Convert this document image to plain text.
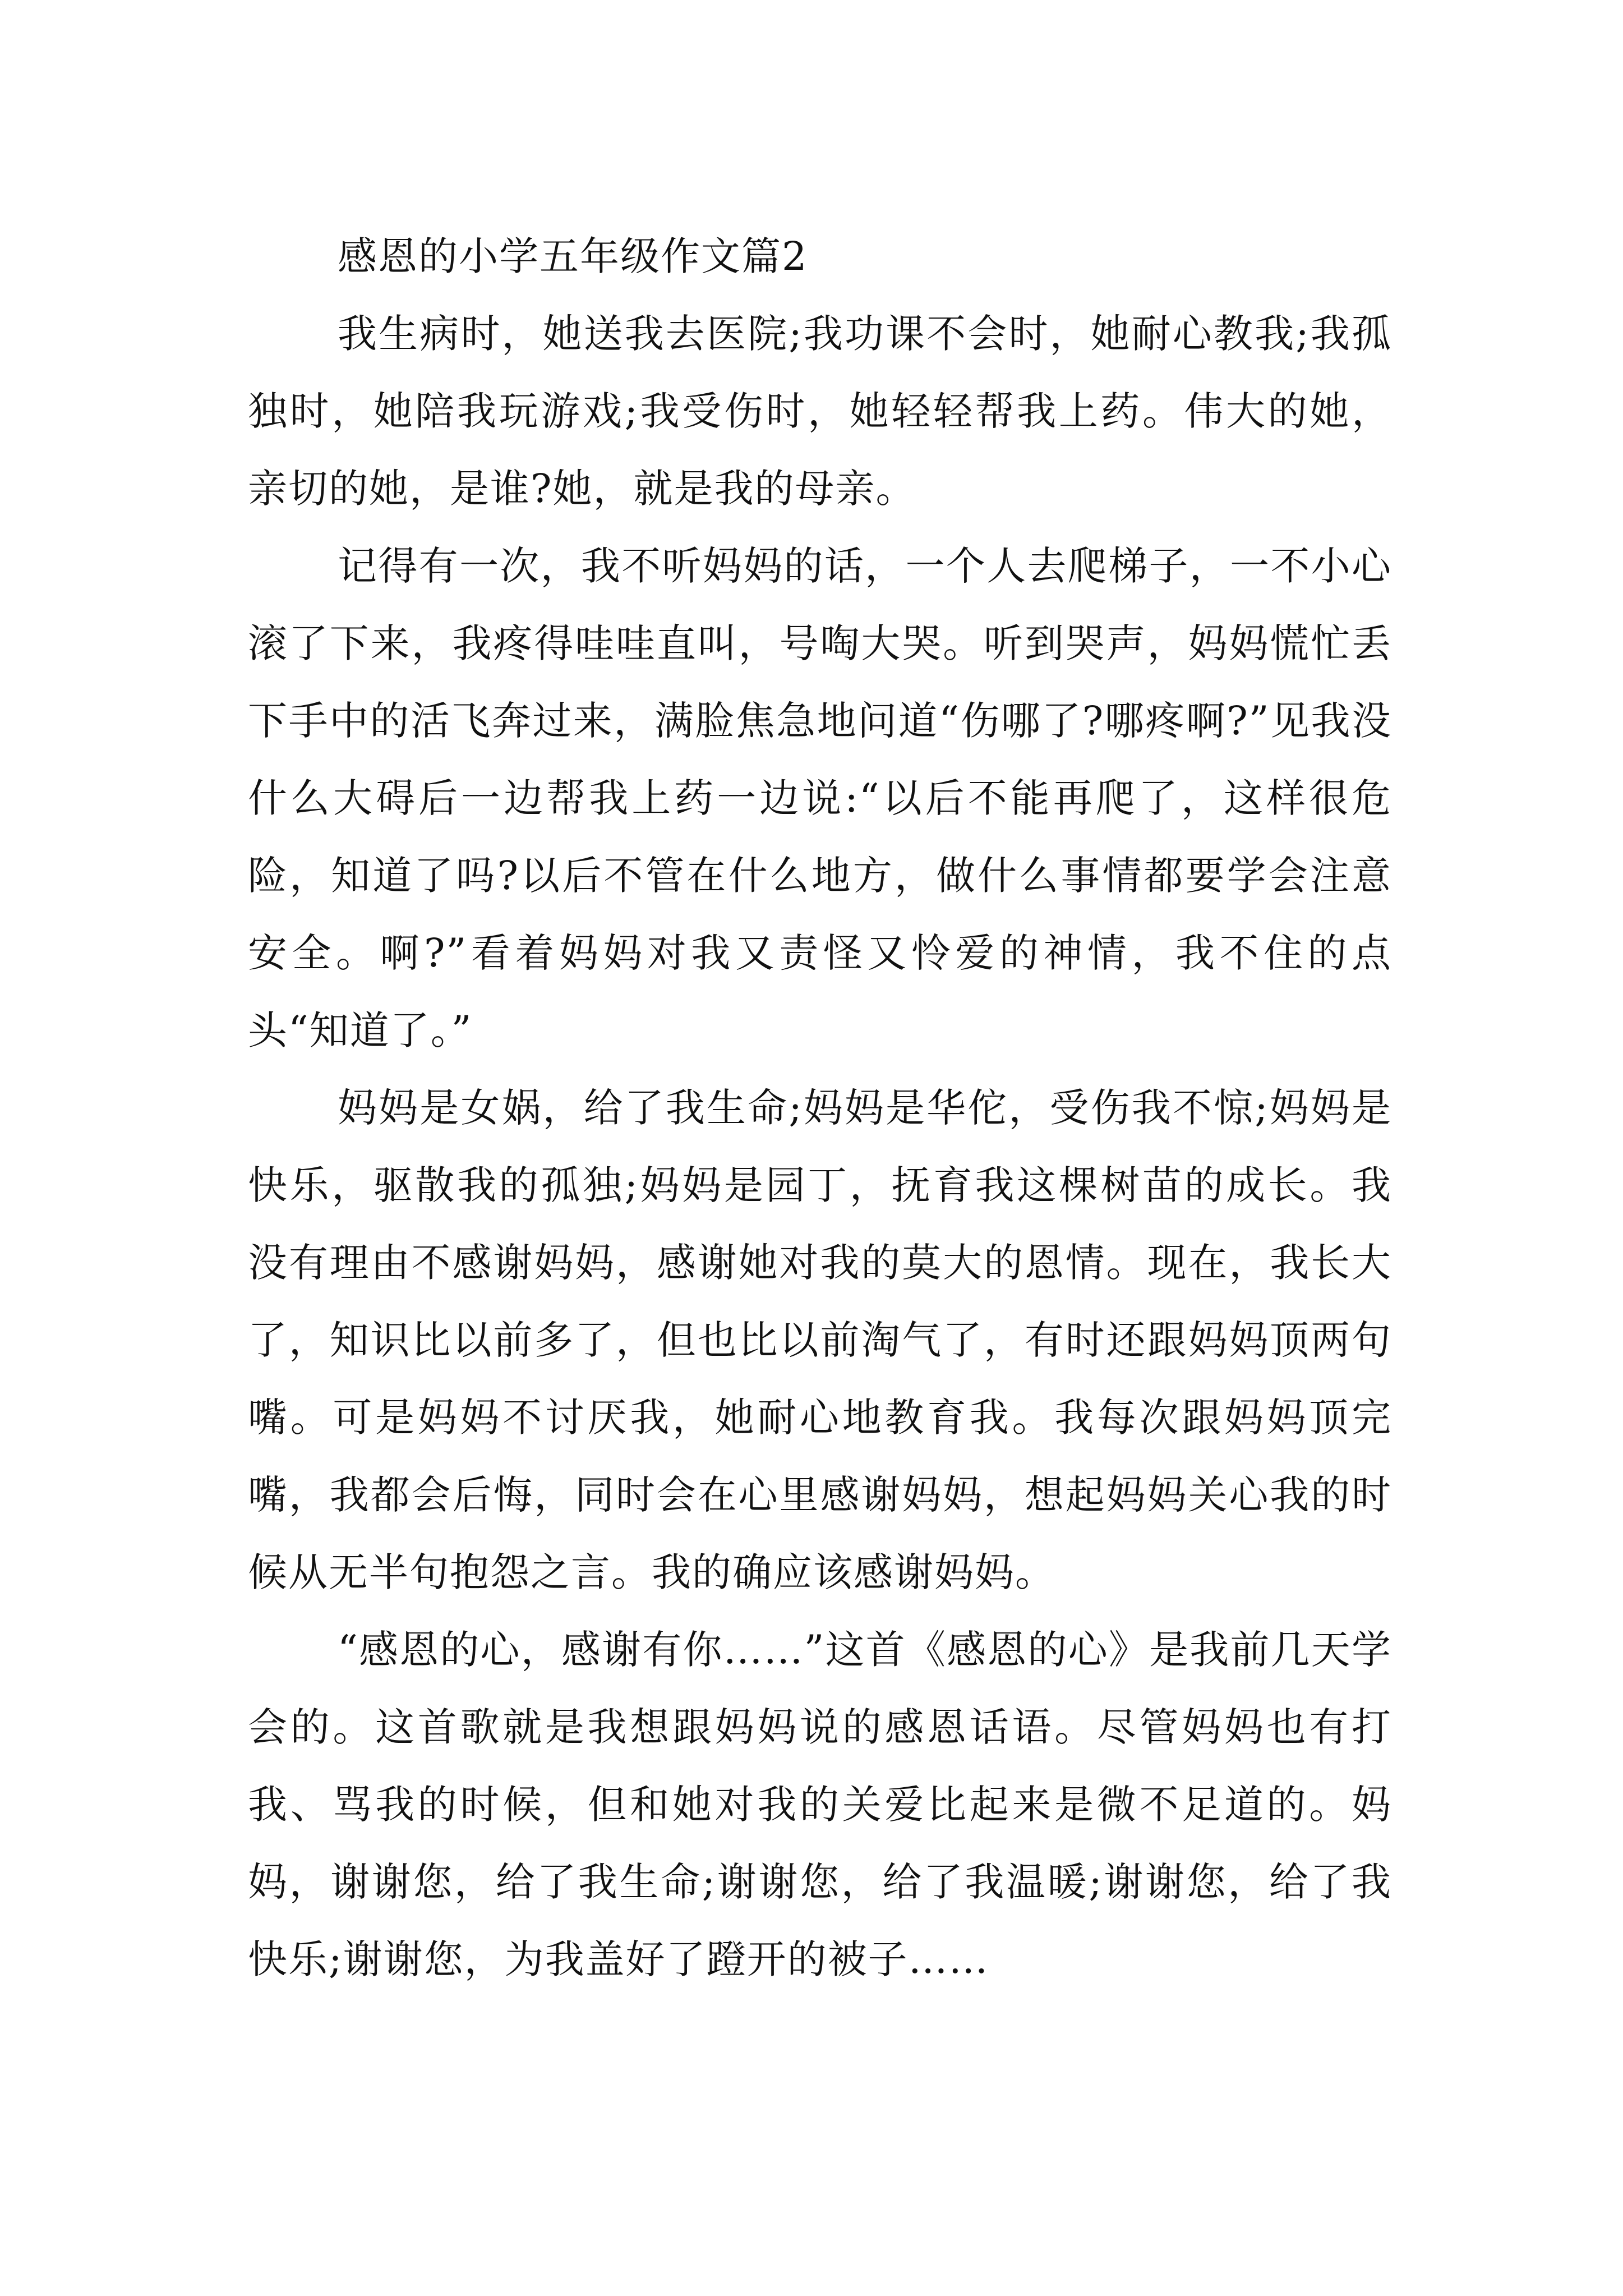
感恩的小学五年级作文篇2

我生病时，她送我去医院;我功课不会时，她耐心教我;我孤独时，她陪我玩游戏;我受伤时，她轻轻帮我上药。伟大的她，亲切的她，是谁?她，就是我的母亲。

记得有一次，我不听妈妈的话，一个人去爬梯子，一不小心滚了下来，我疼得哇哇直叫，号啕大哭。听到哭声，妈妈慌忙丢下手中的活飞奔过来，满脸焦急地问道“伤哪了?哪疼啊?”见我没什么大碍后一边帮我上药一边说:“以后不能再爬了，这样很危险，知道了吗?以后不管在什么地方，做什么事情都要学会注意安全。啊?”看着妈妈对我又责怪又怜爱的神情，我不住的点头“知道了。”

妈妈是女娲，给了我生命;妈妈是华佗，受伤我不惊;妈妈是快乐，驱散我的孤独;妈妈是园丁，抚育我这棵树苗的成长。我没有理由不感谢妈妈，感谢她对我的莫大的恩情。现在，我长大了，知识比以前多了，但也比以前淘气了，有时还跟妈妈顶两句嘴。可是妈妈不讨厌我，她耐心地教育我。我每次跟妈妈顶完嘴，我都会后悔，同时会在心里感谢妈妈，想起妈妈关心我的时候从无半句抱怨之言。我的确应该感谢妈妈。

“感恩的心，感谢有你……”这首《感恩的心》是我前几天学会的。这首歌就是我想跟妈妈说的感恩话语。尽管妈妈也有打我、骂我的时候，但和她对我的关爱比起来是微不足道的。妈妈，谢谢您，给了我生命;谢谢您，给了我温暖;谢谢您，给了我快乐;谢谢您，为我盖好了蹬开的被子……
